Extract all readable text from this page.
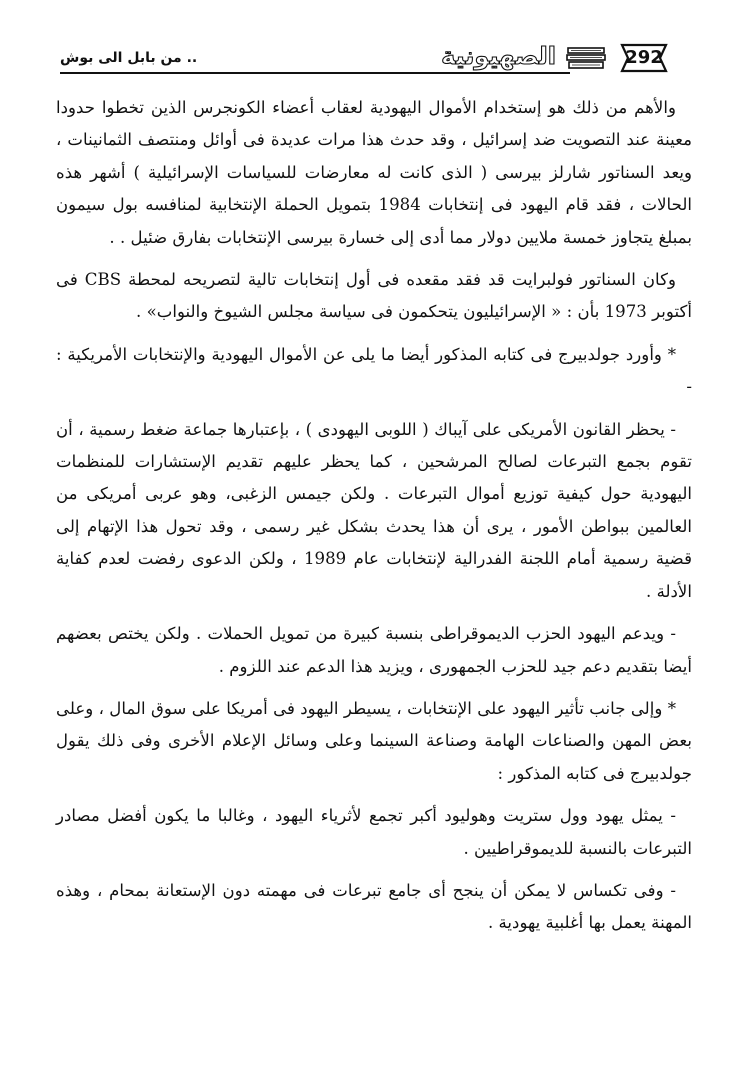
292
الصهيونية
.. من بابل الى بوش

والأهم من ذلك هو إستخدام الأموال اليهودية لعقاب أعضاء الكونجرس الذين تخطوا حدودا معينة عند التصويت ضد إسرائيل ، وقد حدث هذا مرات عديدة فى أوائل ومنتصف الثمانينات ، ويعد السناتور شارلز بيرسى ( الذى كانت له معارضات للسياسات الإسرائيلية ) أشهر هذه الحالات ، فقد قام اليهود فى إنتخابات 1984 بتمويل الحملة الإنتخابية لمنافسه بول سيمون بمبلغ يتجاوز خمسة ملايين دولار مما أدى إلى خسارة بيرسى الإنتخابات بفارق ضئيل . .

وكان السناتور فولبرايت قد فقد مقعده فى أول إنتخابات تالية لتصريحه لمحطة CBS فى أكتوبر 1973 بأن : « الإسرائيليون يتحكمون فى سياسة مجلس الشيوخ والنواب» .

* وأورد جولدبيرج فى كتابه المذكور أيضا ما يلى عن الأموال اليهودية والإنتخابات الأمريكية : -

- يحظر القانون الأمريكى على آيباك ( اللوبى اليهودى ) ، بإعتبارها جماعة ضغط رسمية ، أن تقوم بجمع التبرعات لصالح المرشحين ، كما يحظر عليهم تقديم الإستشارات للمنظمات اليهودية حول كيفية توزيع أموال التبرعات . ولكن جيمس الزغبى، وهو عربى أمريكى من العالمين ببواطن الأمور ، يرى أن هذا يحدث بشكل غير رسمى ، وقد تحول هذا الإتهام إلى قضية رسمية أمام اللجنة الفدرالية لإنتخابات عام 1989 ، ولكن الدعوى رفضت لعدم كفاية الأدلة .

- ويدعم اليهود الحزب الديموقراطى بنسبة كبيرة من تمويل الحملات . ولكن يختص بعضهم أيضا بتقديم دعم جيد للحزب الجمهورى ، ويزيد هذا الدعم عند اللزوم .

* وإلى جانب تأثير اليهود على الإنتخابات ، يسيطر اليهود فى أمريكا على سوق المال ، وعلى بعض المهن والصناعات الهامة وصناعة السينما وعلى وسائل الإعلام الأخرى وفى ذلك يقول جولدبيرج فى كتابه المذكور :

- يمثل يهود وول ستريت وهوليود أكبر تجمع لأثرياء اليهود ، وغالبا ما يكون أفضل مصادر التبرعات بالنسبة للديموقراطيين .

- وفى تكساس لا يمكن أن ينجح أى جامع تبرعات فى مهمته دون الإستعانة بمحام ، وهذه المهنة يعمل بها أغلبية يهودية .
